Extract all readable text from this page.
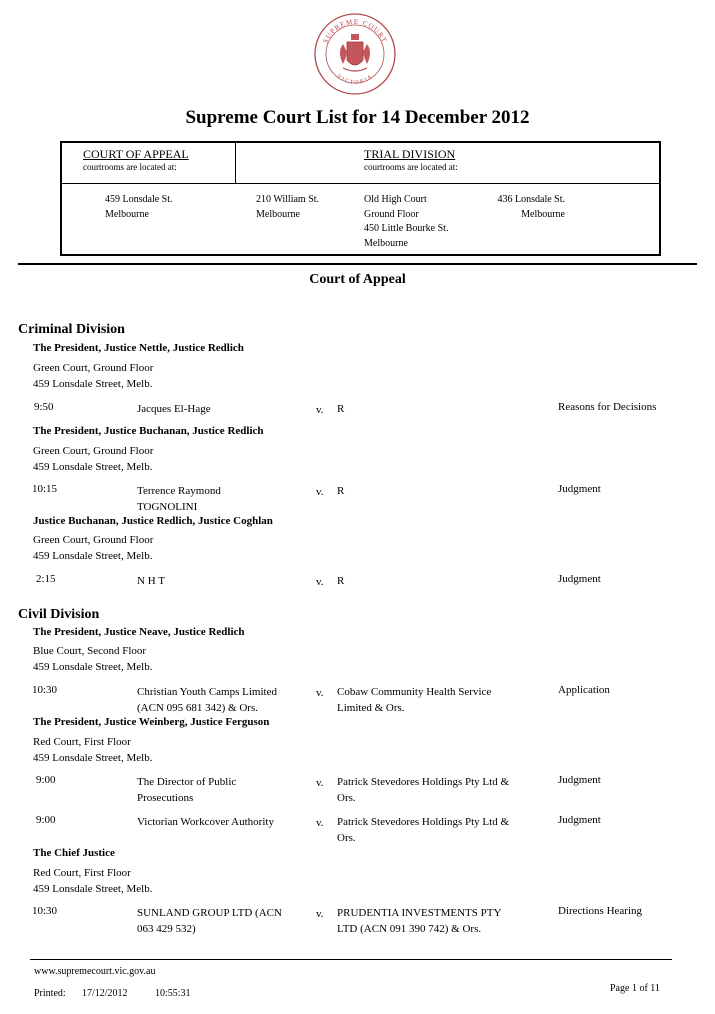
SUPREME COURT
VICTORIA
Supreme Court List for 14 December 2012
COURT OF APPEAL
courtrooms are located at:
TRIAL DIVISION
courtrooms are located at:
459 Lonsdale St.
Melbourne
210 William St.
Melbourne
Old High Court
Ground Floor
450 Little Bourke St.
Melbourne
436 Lonsdale St.
Melbourne
Court of Appeal
Criminal Division
The President, Justice Nettle, Justice Redlich
Green Court, Ground Floor
459 Lonsdale Street, Melb.
9:50	Jacques El-Hage	v. R	Reasons for Decisions
The President, Justice Buchanan, Justice Redlich
Green Court, Ground Floor
459 Lonsdale Street, Melb.
10:15	Terrence Raymond
TOGNOLINI
v. R	Judgment
Justice Buchanan, Justice Redlich, Justice Coghlan
Green Court, Ground Floor
459 Lonsdale Street, Melb.
2:15	N H T	v. R	Judgment
Civil Division
The President, Justice Neave, Justice Redlich
Blue Court, Second Floor
459 Lonsdale Street, Melb.
10:30	Christian Youth Camps Limited
(ACN 095 681 342) & Ors.
v. Cobaw Community Health Service
Limited & Ors.
Application
The President, Justice Weinberg, Justice Ferguson
Red Court, First Floor
459 Lonsdale Street, Melb.
9:00	The Director of Public
Prosecutions
v. Patrick Stevedores Holdings Pty Ltd &
Ors.
Judgment
9:00	Victorian Workcover Authority	v. Patrick Stevedores Holdings Pty Ltd &
Ors.
Judgment
The Chief Justice
Red Court, First Floor
459 Lonsdale Street, Melb.
10:30	SUNLAND GROUP LTD (ACN
063 429 532)
v. PRUDENTIA INVESTMENTS PTY
LTD (ACN 091 390 742) & Ors.
Directions Hearing
www.supremecourt.vic.gov.au
Printed: 17/12/2012	10:55:31	Page 1 of 11
